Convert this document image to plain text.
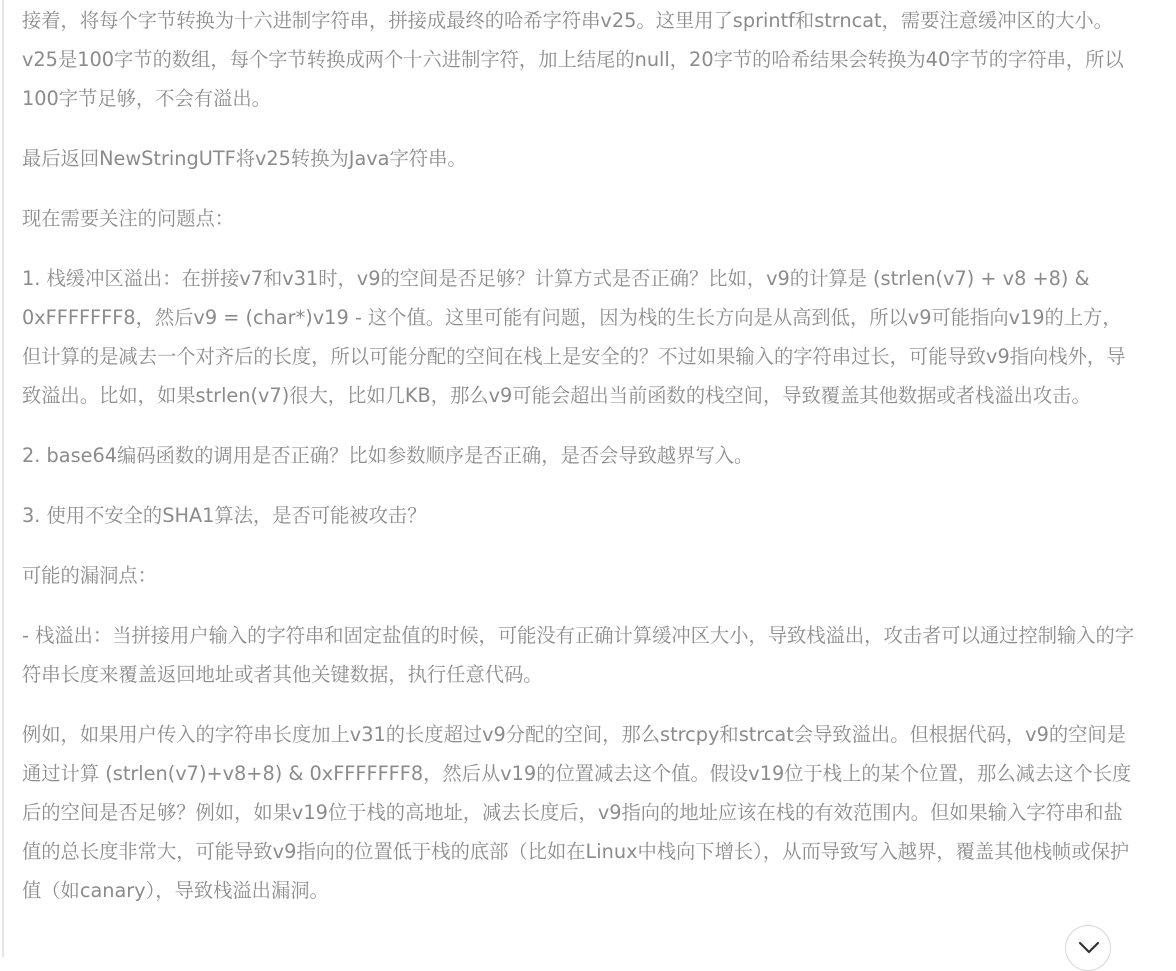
接着，将每个字节转换为十六进制字符串，拼接成最终的哈希字符串v25。这里用了sprintf和strncat，需要注意缓冲区的大小。v25是100字节的数组，每个字节转换成两个十六进制字符，加上结尾的null，20字节的哈希结果会转换为40字节的字符串，所以100字节足够，不会有溢出。

最后返回NewStringUTF将v25转换为Java字符串。

现在需要关注的问题点：

1. 栈缓冲区溢出：在拼接v7和v31时，v9的空间是否足够？计算方式是否正确？比如，v9的计算是 (strlen(v7) + v8 +8) & 0xFFFFFFF8，然后v9 = (char*)v19 - 这个值。这里可能有问题，因为栈的生长方向是从高到低，所以v9可能指向v19的上方，但计算的是减去一个对齐后的长度，所以可能分配的空间在栈上是安全的？不过如果输入的字符串过长，可能导致v9指向栈外，导致溢出。比如，如果strlen(v7)很大，比如几KB，那么v9可能会超出当前函数的栈空间，导致覆盖其他数据或者栈溢出攻击。

2. base64编码函数的调用是否正确？比如参数顺序是否正确，是否会导致越界写入。

3. 使用不安全的SHA1算法，是否可能被攻击？

可能的漏洞点：

- 栈溢出：当拼接用户输入的字符串和固定盐值的时候，可能没有正确计算缓冲区大小，导致栈溢出，攻击者可以通过控制输入的字符串长度来覆盖返回地址或者其他关键数据，执行任意代码。

例如，如果用户传入的字符串长度加上v31的长度超过v9分配的空间，那么strcpy和strcat会导致溢出。但根据代码，v9的空间是通过计算 (strlen(v7)+v8+8) & 0xFFFFFFF8，然后从v19的位置减去这个值。假设v19位于栈上的某个位置，那么减去这个长度后的空间是否足够？例如，如果v19位于栈的高地址，减去长度后，v9指向的地址应该在栈的有效范围内。但如果输入字符串和盐值的总长度非常大，可能导致v9指向的位置低于栈的底部（比如在Linux中栈向下增长），从而导致写入越界，覆盖其他栈帧或保护值（如canary），导致栈溢出漏洞。
